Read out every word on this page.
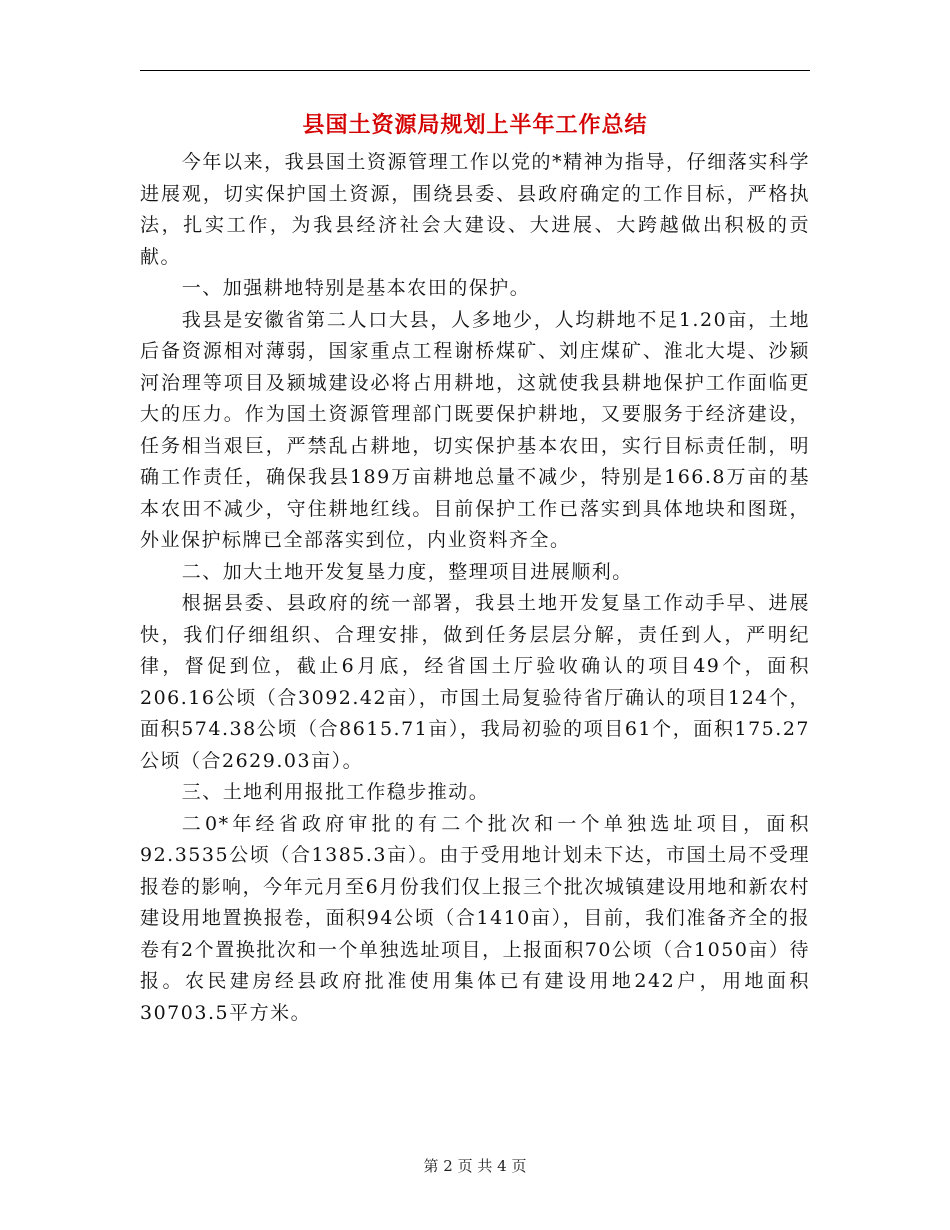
县国土资源局规划上半年工作总结

今年以来，我县国土资源管理工作以党的*精神为指导，仔细落实科学进展观，切实保护国土资源，围绕县委、县政府确定的工作目标，严格执法，扎实工作，为我县经济社会大建设、大进展、大跨越做出积极的贡献。

一、加强耕地特别是基本农田的保护。

我县是安徽省第二人口大县，人多地少，人均耕地不足1.20亩，土地后备资源相对薄弱，国家重点工程谢桥煤矿、刘庄煤矿、淮北大堤、沙颍河治理等项目及颍城建设必将占用耕地，这就使我县耕地保护工作面临更大的压力。作为国土资源管理部门既要保护耕地，又要服务于经济建设，任务相当艰巨，严禁乱占耕地，切实保护基本农田，实行目标责任制，明确工作责任，确保我县189万亩耕地总量不减少，特别是166.8万亩的基本农田不减少，守住耕地红线。目前保护工作已落实到具体地块和图斑，外业保护标牌已全部落实到位，内业资料齐全。

二、加大土地开发复垦力度，整理项目进展顺利。

根据县委、县政府的统一部署，我县土地开发复垦工作动手早、进展快，我们仔细组织、合理安排，做到任务层层分解，责任到人，严明纪律，督促到位，截止6月底，经省国土厅验收确认的项目49个，面积206.16公顷（合3092.42亩），市国土局复验待省厅确认的项目124个，面积574.38公顷（合8615.71亩），我局初验的项目61个，面积175.27公顷（合2629.03亩）。

三、土地利用报批工作稳步推动。

二0*年经省政府审批的有二个批次和一个单独选址项目，面积92.3535公顷（合1385.3亩）。由于受用地计划未下达，市国土局不受理报卷的影响，今年元月至6月份我们仅上报三个批次城镇建设用地和新农村建设用地置换报卷，面积94公顷（合1410亩），目前，我们准备齐全的报卷有2个置换批次和一个单独选址项目，上报面积70公顷（合1050亩）待报。农民建房经县政府批准使用集体已有建设用地242户，用地面积30703.5平方米。

第 2 页 共 4 页
